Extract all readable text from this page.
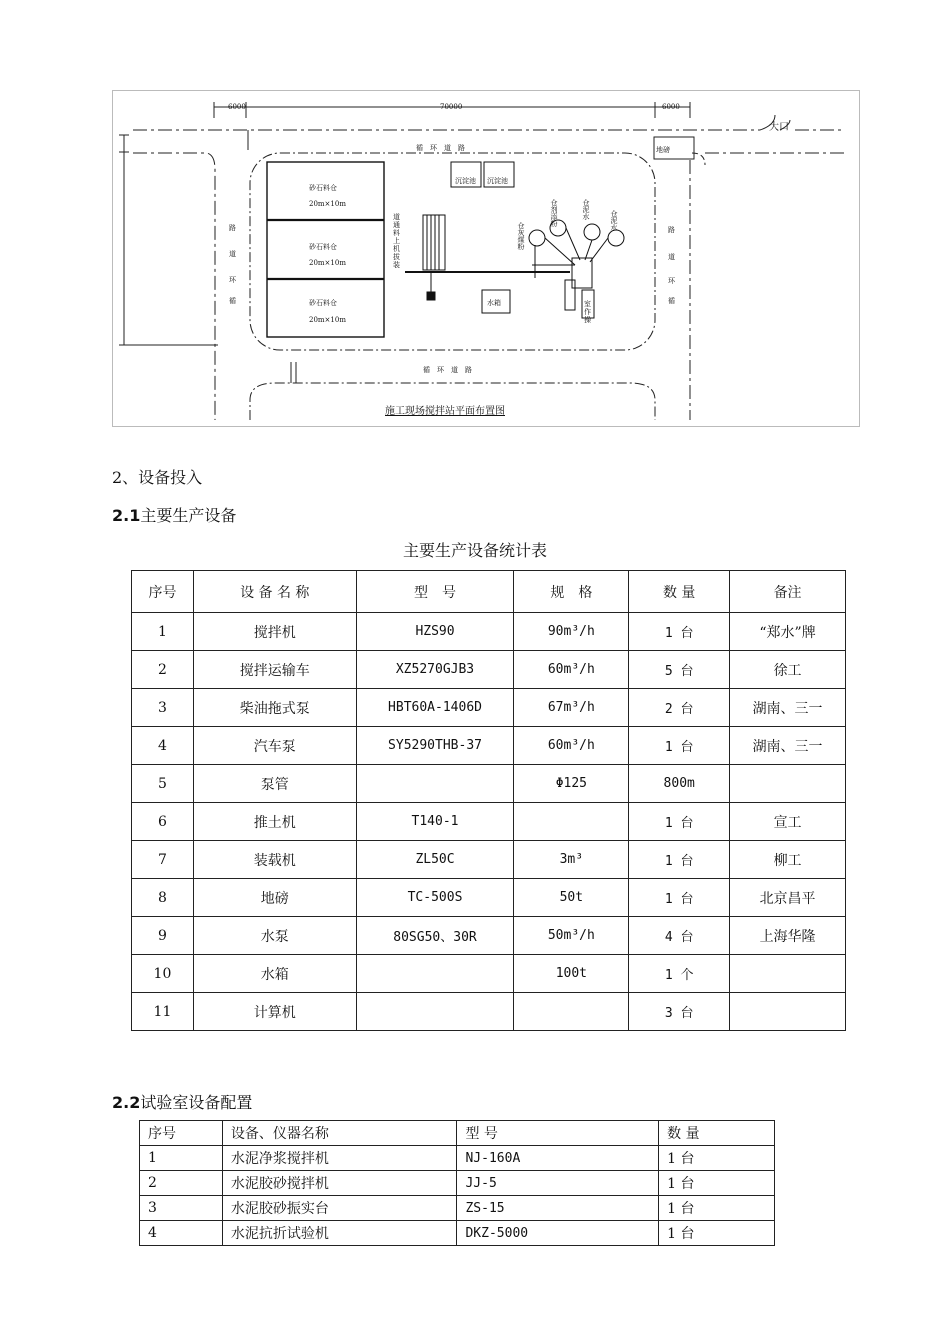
6000	70000	6000
地磅
循　环　道　路
循　环　道　路
沉淀池 沉淀池
水箱
砂石料仓
20m×10m
砂石料仓
20m×10m
砂石料仓
20m×10m
大口
路
道
环
循
路
道
环
循
道
通
料
上
机
拔
装
室
作
操
仓剂添粉	仓泥水
仓灰煤粉
仓泥水
施工现场搅拌站平面布置图
2、设备投入
2.1主要生产设备
主要生产设备统计表
序号	设 备 名 称	型　号	规　格	数 量	备注
1	搅拌机	HZS90	90m³/h	1 台	“郑水”牌
2	搅拌运输车	XZ5270GJB3	60m³/h	5 台	徐工
3	柴油拖式泵	HBT60A-1406D	67m³/h	2 台	湖南、三一
4	汽车泵	SY5290THB-37	60m³/h	1 台	湖南、三一
5	泵管		Φ125	800m	
6	推土机	T140-1		1 台	宣工
7	装载机	ZL50C	3m³	1 台	柳工
8	地磅	TC-500S	50t	1 台	北京昌平
9	水泵	80SG50、30R	50m³/h	4 台	上海华隆
10	水箱		100t	1 个	
11	计算机			3 台	
2.2试验室设备配置
序号	设备、仪器名称	型 号	数 量
1	水泥净浆搅拌机	NJ-160A	1 台
2	水泥胶砂搅拌机	JJ-5	1 台
3	水泥胶砂振实台	ZS-15	1 台
4	水泥抗折试验机	DKZ-5000	1 台
